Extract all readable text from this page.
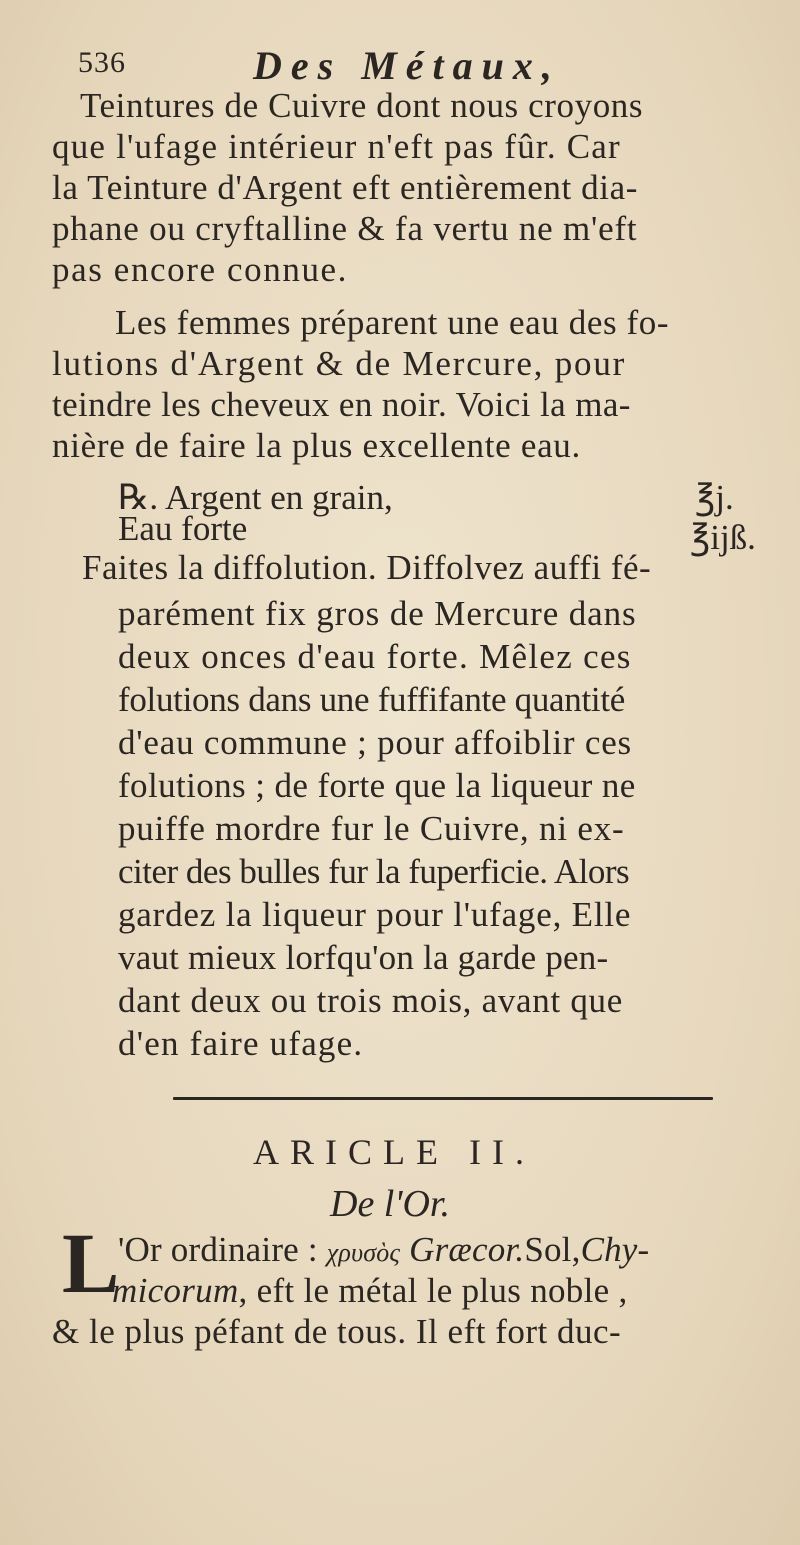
536	Des Métaux,
Teintures de Cuivre dont nous croyons
que l'ufage intérieur n'eft pas fûr. Car
la Teinture d'Argent eft entièrement dia-
phane ou cryftalline & fa vertu ne m'eft
pas encore connue.
Les femmes préparent une eau des fo-
lutions d'Argent & de Mercure, pour
teindre les cheveux en noir. Voici la ma-
nière de faire la plus excellente eau.
℞. Argent en grain,	℥j.
Eau forte	℥ijß.
Faites la diffolution. Diffolvez auffi fé-
parément fix gros de Mercure dans
deux onces d'eau forte. Mêlez ces
folutions dans une fuffifante quantité
d'eau commune ; pour affoiblir ces
folutions ; de forte que la liqueur ne
puiffe mordre fur le Cuivre, ni ex-
citer des bulles fur la fuperficie. Alors
gardez la liqueur pour l'ufage, Elle
vaut mieux lorfqu'on la garde pen-
dant deux ou trois mois, avant que
d'en faire ufage.
ARICLE II.
De l'Or.
L
'Or ordinaire : χρυσὸς Græcor.Sol,Chy-
micorum, eft le métal le plus noble ,
& le plus péfant de tous. Il eft fort duc-
